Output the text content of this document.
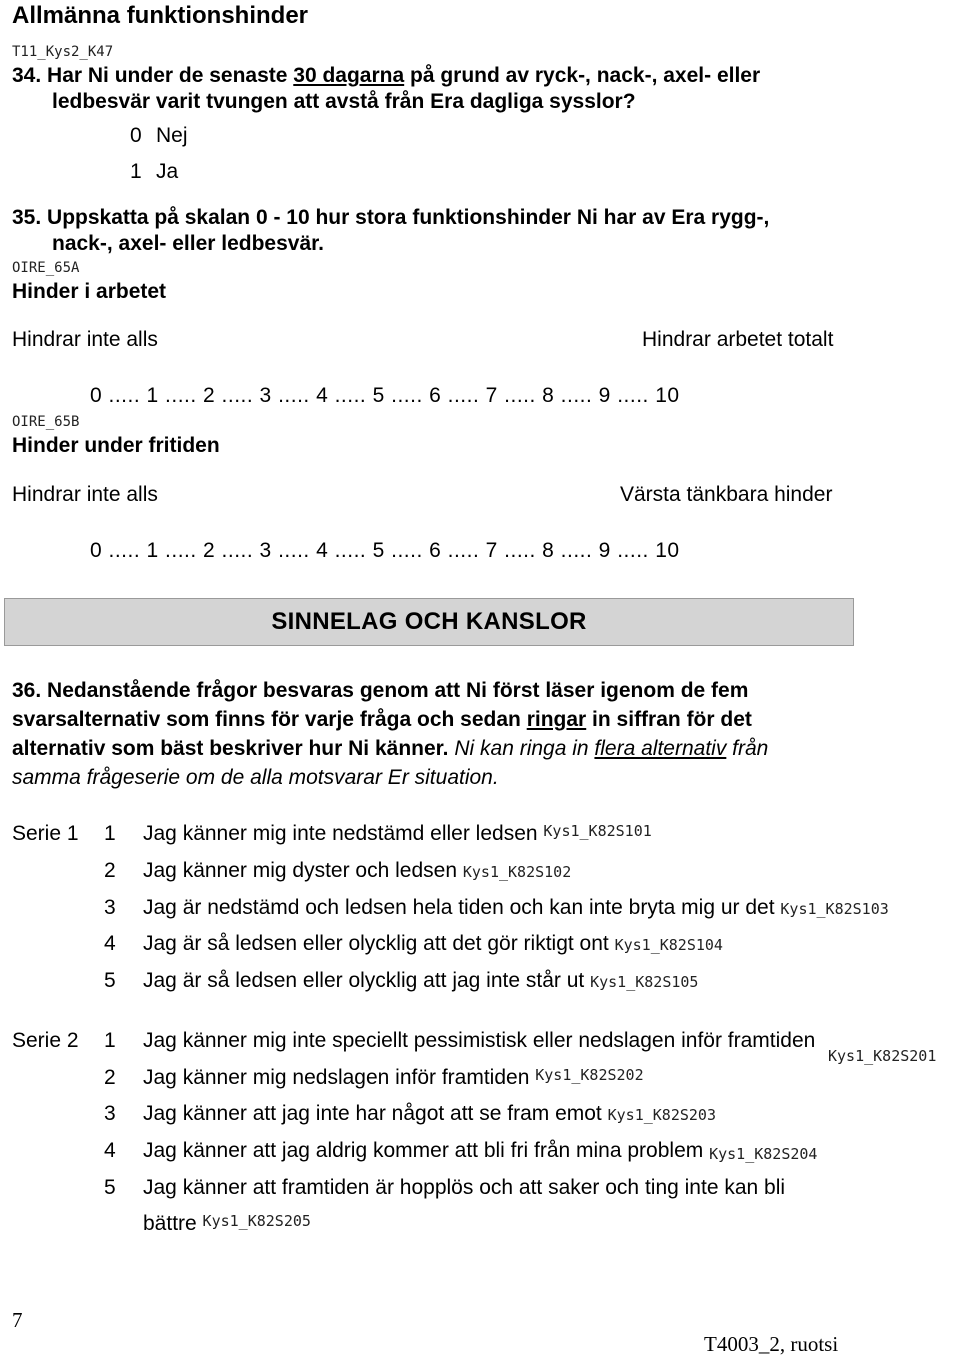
Allmänna funktionshinder
T11_Kys2_K47
34. Har Ni under de senaste 30 dagarna på grund av ryck-, nack-, axel- eller
ledbesvär varit tvungen att avstå från Era dagliga sysslor?
0 Nej
1 Ja
35. Uppskatta på skalan 0 - 10 hur stora funktionshinder Ni har av Era rygg-,
nack-, axel- eller ledbesvär.
OIRE_65A
Hinder i arbetet
Hindrar inte alls	Hindrar arbetet totalt
0 ..... 1 ..... 2 ..... 3 ..... 4 ..... 5 ..... 6 ..... 7 ..... 8 ..... 9 ..... 10
OIRE_65B
Hinder under fritiden
Hindrar inte alls	Värsta tänkbara hinder
0 ..... 1 ..... 2 ..... 3 ..... 4 ..... 5 ..... 6 ..... 7 ..... 8 ..... 9 ..... 10
SINNELAG OCH KANSLOR
36. Nedanstående frågor besvaras genom att Ni först läser igenom de fem svarsalternativ som finns för varje fråga och sedan ringar in siffran för det alternativ som bäst beskriver hur Ni känner. Ni kan ringa in flera alternativ från samma frågeserie om de alla motsvarar Er situation.
Serie 1 1 Jag känner mig inte nedstämd eller ledsen Kys1_K82S101
2 Jag känner mig dyster och ledsen Kys1_K82S102
3 Jag är nedstämd och ledsen hela tiden och kan inte bryta mig ur det Kys1_K82S103
4 Jag är så ledsen eller olycklig att det gör riktigt ont Kys1_K82S104
5 Jag är så ledsen eller olycklig att jag inte står ut Kys1_K82S105
Serie 2 1 Jag känner mig inte speciellt pessimistisk eller nedslagen inför framtiden
Kys1_K82S201
2 Jag känner mig nedslagen inför framtiden Kys1_K82S202
3 Jag känner att jag inte har något att se fram emot Kys1_K82S203
4 Jag känner att jag aldrig kommer att bli fri från mina problem Kys1_K82S204
5 Jag känner att framtiden är hopplös och att saker och ting inte kan bli
bättre Kys1_K82S205
7
T4003_2, ruotsi
